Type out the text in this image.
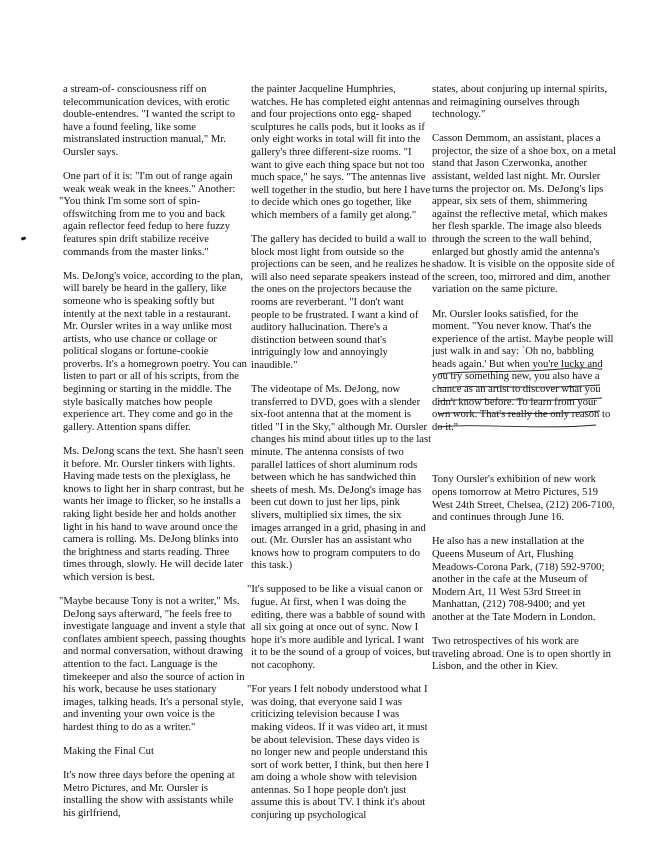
a stream-of- consciousness riff on telecommunication devices, with erotic double-entendres. "I wanted the script to have a found feeling, like some mistranslated instruction manual," Mr. Oursler says.

One part of it is: "I'm out of range again weak weak weak in the knees." Another:

"You think I'm some sort of spin-offswitching from me to you and back again reflector feed fedup to here fuzzy features spin drift stabilize receive commands from the master links."

Ms. DeJong's voice, according to the plan, will barely be heard in the gallery, like someone who is speaking softly but intently at the next table in a restaurant. Mr. Oursler writes in a way unlike most artists, who use chance or collage or political slogans or fortune-cookie proverbs. It's a homegrown poetry. You can listen to part or all of his scripts, from the beginning or starting in the middle. The style basically matches how people experience art. They come and go in the gallery. Attention spans differ.

Ms. DeJong scans the text. She hasn't seen it before. Mr. Oursler tinkers with lights. Having made tests on the plexiglass, he knows to light her in sharp contrast, but he wants her image to flicker, so he installs a raking light beside her and holds another light in his hand to wave around once the camera is rolling. Ms. DeJong blinks into the brightness and starts reading. Three times through, slowly. He will decide later which version is best.

"Maybe because Tony is not a writer," Ms. DeJong says afterward, "he feels free to investigate language and invent a style that conflates ambient speech, passing thoughts and normal conversation, without drawing attention to the fact. Language is the timekeeper and also the source of action in his work, because he uses stationary images, talking heads. It's a personal style, and inventing your own voice is the hardest thing to do as a writer."

Making the Final Cut

It's now three days before the opening at Metro Pictures, and Mr. Oursler is installing the show with assistants while his girlfriend,

the painter Jacqueline Humphries, watches. He has completed eight antennas and four projections onto egg- shaped sculptures he calls pods, but it looks as if only eight works in total will fit into the gallery's three different-size rooms. "I want to give each thing space but not too much space," he says. "The antennas live well together in the studio, but here I have to decide which ones go together, like which members of a family get along."

The gallery has decided to build a wall to block most light from outside so the projections can be seen, and he realizes he will also need separate speakers instead of the ones on the projectors because the rooms are reverberant. "I don't want people to be frustrated. I want a kind of auditory hallucination. There's a distinction between sound that's intriguingly low and annoyingly inaudible."

The videotape of Ms. DeJong, now transferred to DVD, goes with a slender six-foot antenna that at the moment is titled "I in the Sky," although Mr. Oursler changes his mind about titles up to the last minute. The antenna consists of two parallel lattices of short aluminum rods between which he has sandwiched thin sheets of mesh. Ms. DeJong's image has been cut down to just her lips, pink slivers, multiplied six times, the six images arranged in a grid, phasing in and out. (Mr. Oursler has an assistant who knows how to program computers to do this task.)

"It's supposed to be like a visual canon or fugue. At first, when I was doing the editing, there was a babble of sound with all six going at once out of sync. Now I hope it's more audible and lyrical. I want it to be the sound of a group of voices, but not cacophony.

"For years I felt nobody understood what I was doing, that everyone said I was criticizing television because I was making videos. If it was video art, it must be about television. These days video is no longer new and people understand this sort of work better, I think, but then here I am doing a whole show with television antennas. So I hope people don't just assume this is about TV. I think it's about conjuring up psychological

states, about conjuring up internal spirits, and reimagining ourselves through technology."

Casson Demmom, an assistant, places a projector, the size of a shoe box, on a metal stand that Jason Czerwonka, another assistant, welded last night. Mr. Oursler turns the projector on. Ms. DeJong's lips appear, six sets of them, shimmering against the reflective metal, which makes her flesh sparkle. The image also bleeds through the screen to the wall behind, enlarged but ghostly amid the antenna's shadow. It is visible on the opposite side of the screen, too, mirrored and dim, another variation on the same picture.

Mr. Oursler looks satisfied, for the moment. "You never know. That's the experience of the artist. Maybe people will just walk in and say: `Oh no, babbling heads again.' But when you're lucky and you try something new, you also have a chance as an artist to discover what you didn't know before. To learn from your own work. That's really the only reason to do it."

Tony Oursler's exhibition of new work opens tomorrow at Metro Pictures, 519 West 24th Street, Chelsea, (212) 206-7100, and continues through June 16.

He also has a new installation at the Queens Museum of Art, Flushing Meadows-Corona Park, (718) 592-9700; another in the cafe at the Museum of Modern Art, 11 West 53rd Street in Manhattan, (212) 708-9400; and yet another at the Tate Modern in London.

Two retrospectives of his work are traveling abroad. One is to open shortly in Lisbon, and the other in Kiev.
